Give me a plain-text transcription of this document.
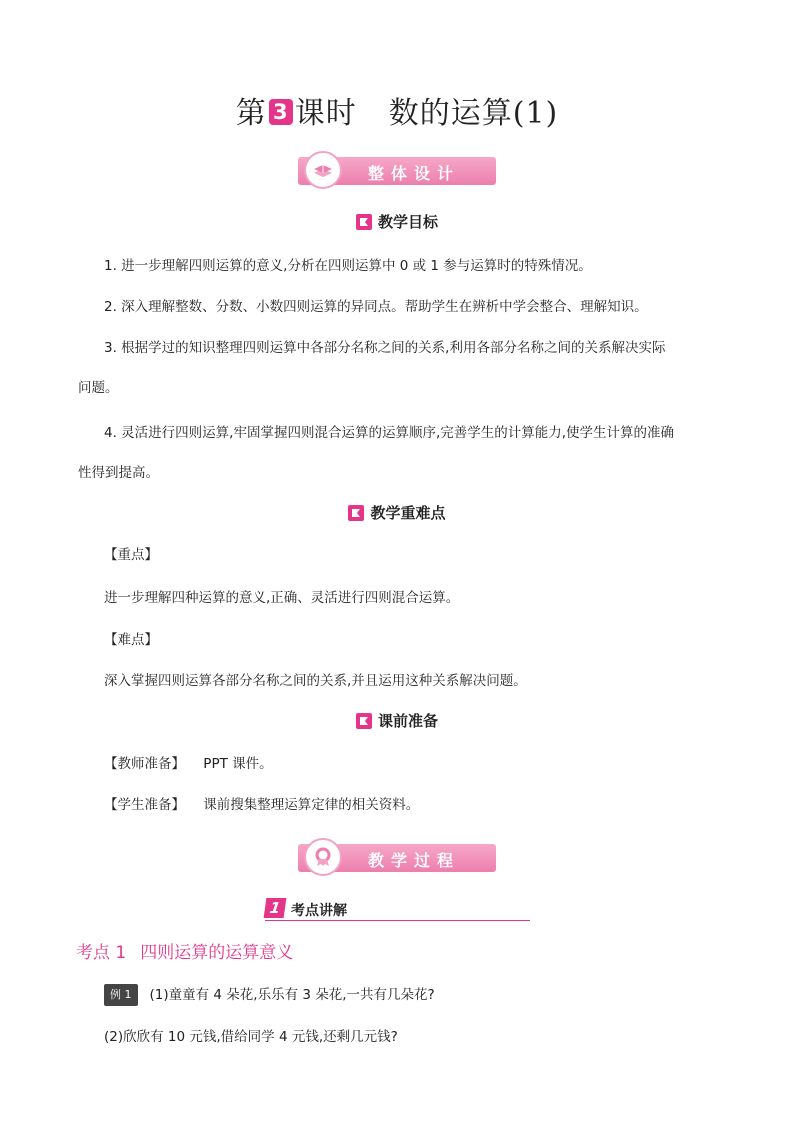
第 3 课时 数的运算(1)
整体设计
教学目标
1. 进一步理解四则运算的意义,分析在四则运算中 0 或 1 参与运算时的特殊情况。
2. 深入理解整数、分数、小数四则运算的异同点。帮助学生在辨析中学会整合、理解知识。
3. 根据学过的知识整理四则运算中各部分名称之间的关系,利用各部分名称之间的关系解决实际
问题。
4. 灵活进行四则运算,牢固掌握四则混合运算的运算顺序,完善学生的计算能力,使学生计算的准确
性得到提高。
教学重难点
【重点】
进一步理解四种运算的意义,正确、灵活进行四则混合运算。
【难点】
深入掌握四则运算各部分名称之间的关系,并且运用这种关系解决问题。
课前准备
【教师准备】 PPT 课件。
【学生准备】 课前搜集整理运算定律的相关资料。
教学过程
1 考点讲解
考点 1 四则运算的运算意义
例 1 (1)童童有 4 朵花,乐乐有 3 朵花,一共有几朵花?
(2)欣欣有 10 元钱,借给同学 4 元钱,还剩几元钱?
